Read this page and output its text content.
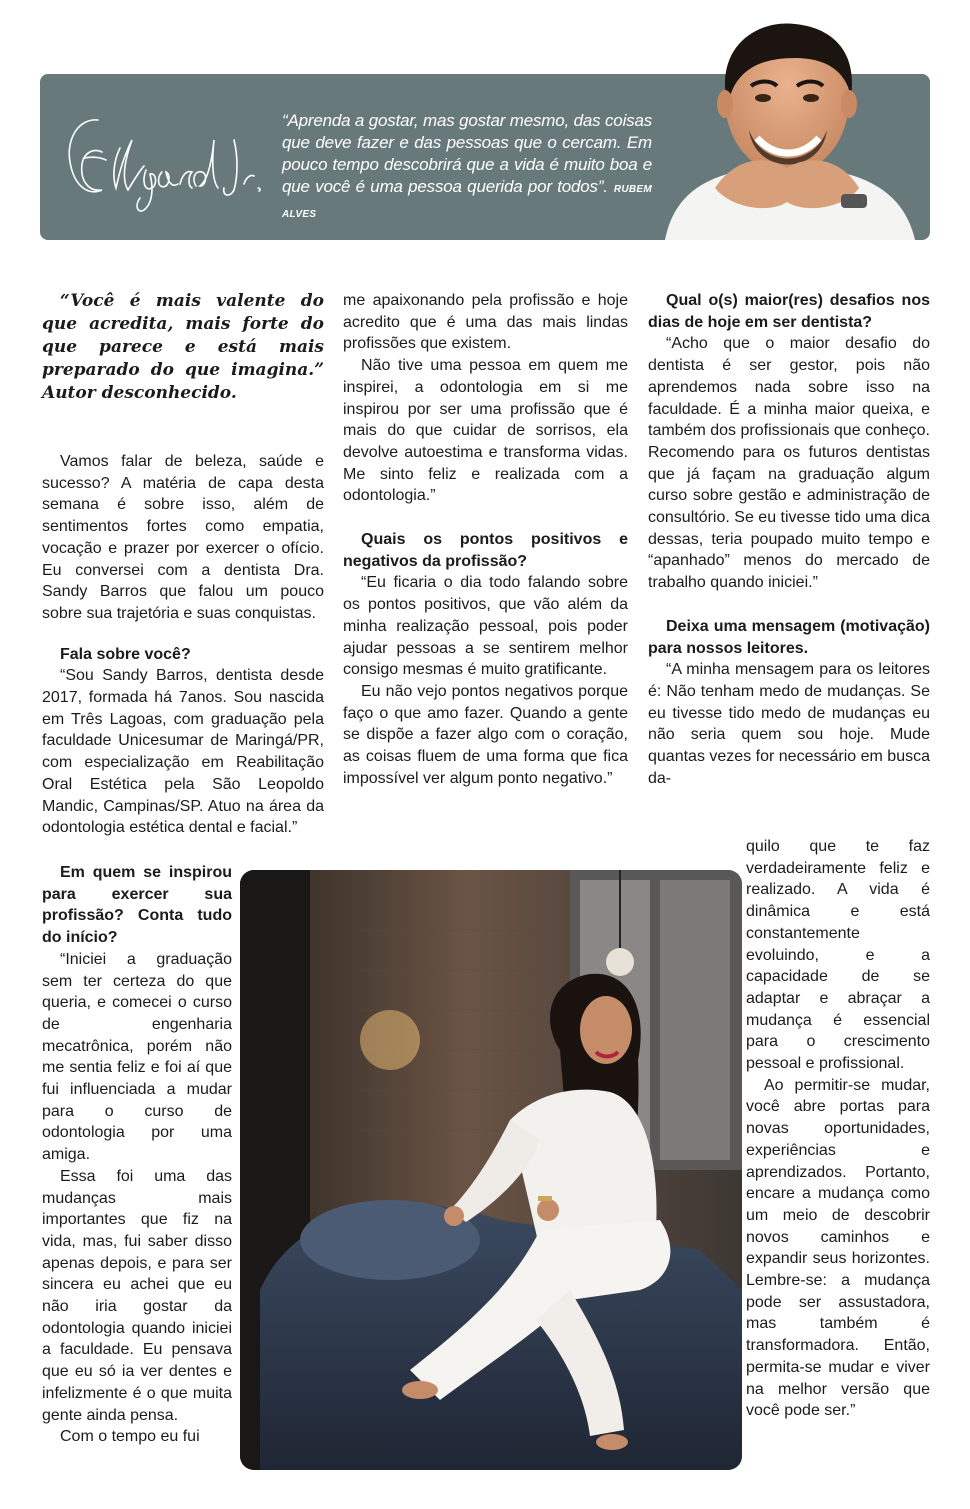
“Aprenda a gostar, mas gostar mesmo, das coisas que deve fazer e das pessoas que o cercam. Em pouco tempo descobrirá que a vida é muito boa e que você é uma pessoa querida por todos”. RUBEM ALVES

“Você é mais valente do que acredita, mais forte do que parece e está mais preparado do que imagina.” Autor desconhecido.

Vamos falar de beleza, saúde e sucesso? A matéria de capa desta semana é sobre isso, além de sentimentos fortes como empatia, vocação e prazer por exercer o ofício. Eu conversei com a dentista Dra. Sandy Barros que falou um pouco sobre sua trajetória e suas conquistas.

Fala sobre você?

“Sou Sandy Barros, dentista desde 2017, formada há 7anos. Sou nascida em Três Lagoas, com graduação pela faculdade Unicesumar de Maringá/PR, com especialização em Reabilitação Oral Estética pela São Leopoldo Mandic, Campinas/SP. Atuo na área da odontologia estética dental e facial.”

Em quem se inspirou para exercer sua profissão? Conta tudo do início?

“Iniciei a graduação sem ter certeza do que queria, e comecei o curso de engenharia mecatrônica, porém não me sentia feliz e foi aí que fui influenciada a mudar para o curso de odontologia por uma amiga.

Essa foi uma das mudanças mais importantes que fiz na vida, mas, fui saber disso apenas depois, e para ser sincera eu achei que eu não iria gostar da odontologia quando iniciei a faculdade. Eu pensava que eu só ia ver dentes e infelizmente é o que muita gente ainda pensa.

Com o tempo eu fui

me apaixonando pela profissão e hoje acredito que é uma das mais lindas profissões que existem.

Não tive uma pessoa em quem me inspirei, a odontologia em si me inspirou por ser uma profissão que é mais do que cuidar de sorrisos, ela devolve autoestima e transforma vidas. Me sinto feliz e realizada com a odontologia.”

Quais os pontos positivos e negativos da profissão?

“Eu ficaria o dia todo falando sobre os pontos positivos, que vão além da minha realização pessoal, pois poder ajudar pessoas a se sentirem melhor consigo mesmas é muito gratificante.

Eu não vejo pontos negativos porque faço o que amo fazer. Quando a gente se dispõe a fazer algo com o coração, as coisas fluem de uma forma que fica impossível ver algum ponto negativo.”

Qual o(s) maior(res) desafios nos dias de hoje em ser dentista?

“Acho que o maior desafio do dentista é ser gestor, pois não aprendemos nada sobre isso na faculdade. É a minha maior queixa, e também dos profissionais que conheço. Recomendo para os futuros dentistas que já façam na graduação algum curso sobre gestão e administração de consultório. Se eu tivesse tido uma dica dessas, teria poupado muito tempo e “apanhado” menos do mercado de trabalho quando iniciei.”

Deixa uma mensagem (motivação) para nossos leitores.

“A minha mensagem para os leitores é: Não tenham medo de mudanças. Se eu tivesse tido medo de mudanças eu não seria quem sou hoje. Mude quantas vezes for necessário em busca da-

quilo que te faz verdadeiramente feliz e realizado. A vida é dinâmica e está constantemente evoluindo, e a capacidade de se adaptar e abraçar a mudança é essencial para o crescimento pessoal e profissional.

Ao permitir-se mudar, você abre portas para novas oportunidades, experiências e aprendizados. Portanto, encare a mudança como um meio de descobrir novos caminhos e expandir seus horizontes. Lembre-se: a mudança pode ser assustadora, mas também é transformadora. Então, permita-se mudar e viver na melhor versão que você pode ser.”
